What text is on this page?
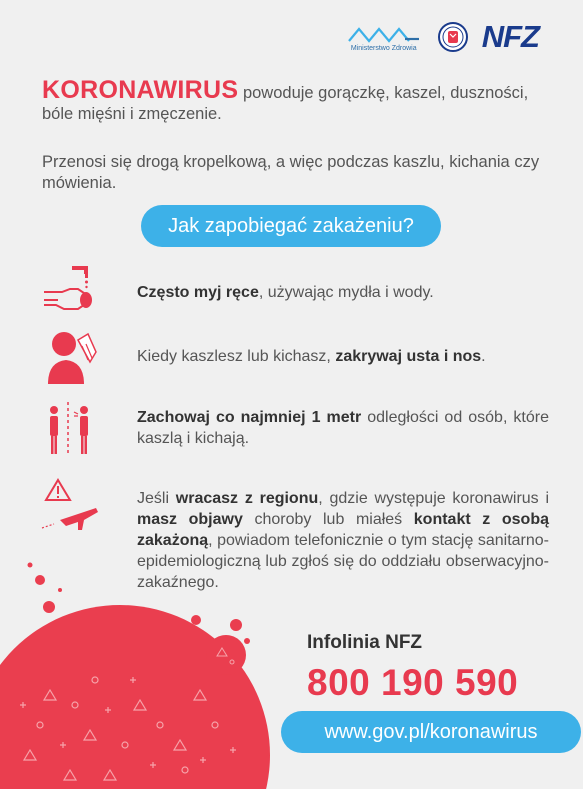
Ministerstwo Zdrowia NFZ
KORONAWIRUS powoduje gorączkę, kaszel, duszności, bóle mięśni i zmęczenie.
Przenosi się drogą kropelkową, a więc podczas kaszlu, kichania czy mówienia.
Jak zapobiegać zakażeniu?
Często myj ręce, używając mydła i wody.
Kiedy kaszlesz lub kichasz, zakrywaj usta i nos.
Zachowaj co najmniej 1 metr odległości od osób, które kaszlą i kichają.
Jeśli wracasz z regionu, gdzie występuje koronawirus i masz objawy choroby lub miałeś kontakt z osobą zakażoną, powiadom telefonicznie o tym stację sanitarno-epidemiologiczną lub zgłoś się do oddziału obserwacyjno-zakaźnego.
Infolinia NFZ
800 190 590
www.gov.pl/koronawirus
